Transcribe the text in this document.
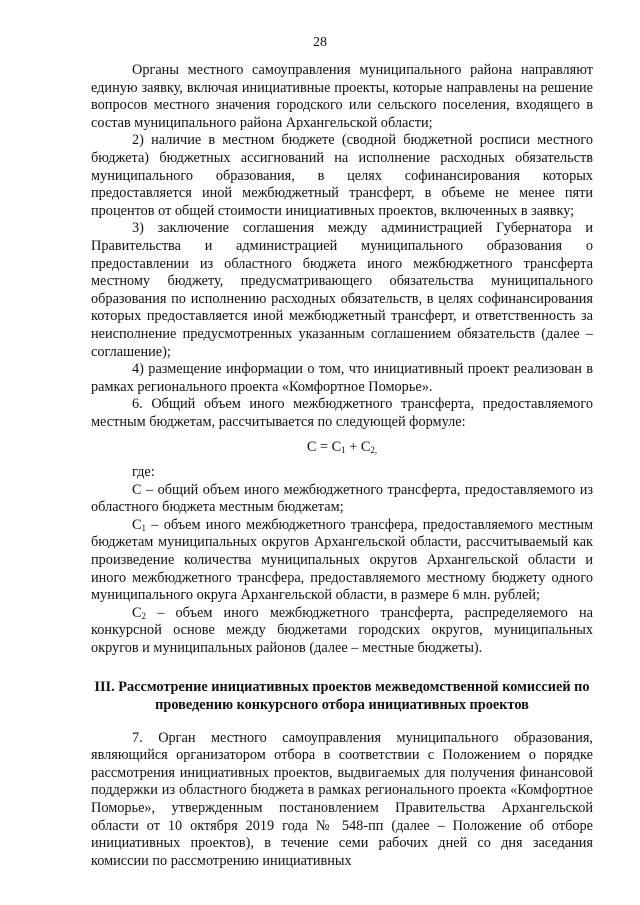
28

Органы местного самоуправления муниципального района направляют единую заявку, включая инициативные проекты, которые направлены на решение вопросов местного значения городского или сельского поселения, входящего в состав муниципального района Архангельской области;

2) наличие в местном бюджете (сводной бюджетной росписи местного бюджета) бюджетных ассигнований на исполнение расходных обязательств муниципального образования, в целях софинансирования которых предоставляется иной межбюджетный трансферт, в объеме не менее пяти процентов от общей стоимости инициативных проектов, включенных в заявку;

3) заключение соглашения между администрацией Губернатора и Правительства и администрацией муниципального образования о предоставлении из областного бюджета иного межбюджетного трансферта местному бюджету, предусматривающего обязательства муниципального образования по исполнению расходных обязательств, в целях софинансирования которых предоставляется иной межбюджетный трансферт, и ответственность за неисполнение предусмотренных указанным соглашением обязательств (далее – соглашение);

4) размещение информации о том, что инициативный проект реализован в рамках регионального проекта «Комфортное Поморье».

6. Общий объем иного межбюджетного трансферта, предоставляемого местным бюджетам, рассчитывается по следующей формуле:

$C = C_1 + C_{2,}$

где:

С – общий объем иного межбюджетного трансферта, предоставляемого из областного бюджета местным бюджетам;

$C_1$ – объем иного межбюджетного трансфера, предоставляемого местным бюджетам муниципальных округов Архангельской области, рассчитываемый как произведение количества муниципальных округов Архангельской области и иного межбюджетного трансфера, предоставляемого местному бюджету одного муниципального округа Архангельской области, в размере 6 млн. рублей;

$C_2$ – объем иного межбюджетного трансферта, распределяемого на конкурсной основе между бюджетами городских округов, муниципальных округов и муниципальных районов (далее – местные бюджеты).

III. Рассмотрение инициативных проектов межведомственной комиссией по проведению конкурсного отбора инициативных проектов

7. Орган местного самоуправления муниципального образования, являющийся организатором отбора в соответствии с Положением о порядке рассмотрения инициативных проектов, выдвигаемых для получения финансовой поддержки из областного бюджета в рамках регионального проекта «Комфортное Поморье», утвержденным постановлением Правительства Архангельской области от 10 октября 2019 года № 548-пп (далее – Положение об отборе инициативных проектов), в течение семи рабочих дней со дня заседания комиссии по рассмотрению инициативных
